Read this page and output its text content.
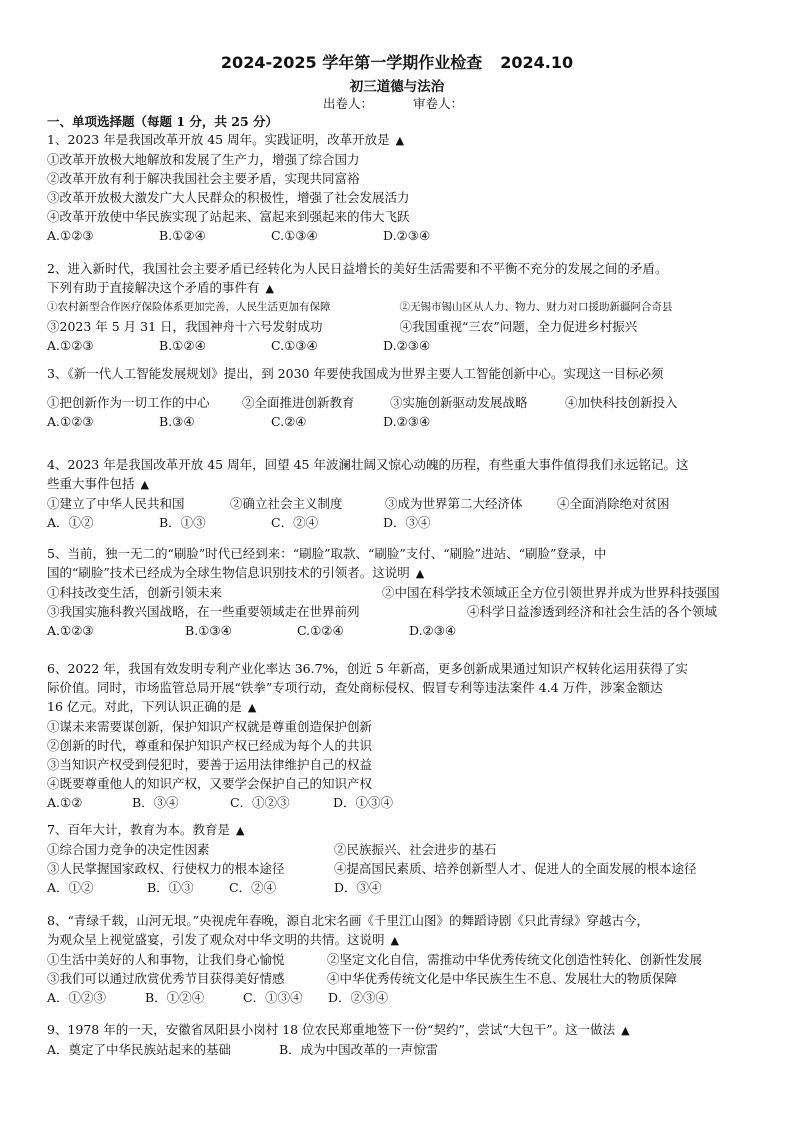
2024-2025 学年第一学期作业检查 2024.10
初三道德与法治
出卷人：	审卷人：
一、单项选择题（每题 1 分，共 25 分）
1、2023 年是我国改革开放 45 周年。实践证明，改革开放是 ▲
①改革开放极大地解放和发展了生产力，增强了综合国力
②改革开放有利于解决我国社会主要矛盾，实现共同富裕
③改革开放极大激发广大人民群众的积极性，增强了社会发展活力
④改革开放使中华民族实现了站起来、富起来到强起来的伟大飞跃
A.①②③	B.①②④	C.①③④	D.②③④
2、进入新时代，我国社会主要矛盾已经转化为人民日益增长的美好生活需要和不平衡不充分的发展之间的矛盾。
下列有助于直接解决这个矛盾的事件有 ▲
①农村新型合作医疗保险体系更加完善，人民生活更加有保障	②无锡市锡山区从人力、物力、财力对口援助新疆阿合奇县
③2023 年 5 月 31 日，我国神舟十六号发射成功	④我国重视“三农”问题，全力促进乡村振兴
A.①②③	B.①②④	C.①③④	D.②③④
3、《新一代人工智能发展规划》提出，到 2030 年要使我国成为世界主要人工智能创新中心。实现这一目标必须
①把创新作为一切工作的中心	②全面推进创新教育	③实施创新驱动发展战略	④加快科技创新投入
A.①②③	B.③④	C.②④	D.②③④
4、2023 年是我国改革开放 45 周年，回望 45 年波澜壮阔又惊心动魄的历程，有些重大事件值得我们永远铭记。这
些重大事件包括 ▲
①建立了中华人民共和国	②确立社会主义制度	③成为世界第二大经济体	④全面消除绝对贫困
A．①②	B．①③	C．②④	D．③④
5、当前，独一无二的“刷脸”时代已经到来：“刷脸”取款、“刷脸”支付、“刷脸”进站、“刷脸”登录，中
国的“刷脸”技术已经成为全球生物信息识别技术的引领者。这说明 ▲
①科技改变生活，创新引领未来	②中国在科学技术领域正全方位引领世界并成为世界科技强国
③我国实施科教兴国战略，在一些重要领域走在世界前列	④科学日益渗透到经济和社会生活的各个领域
A.①②③	B.①③④	C.①②④	D.②③④
6、2022 年，我国有效发明专利产业化率达 36.7%，创近 5 年新高，更多创新成果通过知识产权转化运用获得了实
际价值。同时，市场监管总局开展“铁拳”专项行动，查处商标侵权、假冒专利等违法案件 4.4 万件，涉案金额达
16 亿元。对此，下列认识正确的是 ▲
①谋未来需要谋创新，保护知识产权就是尊重创造保护创新
②创新的时代，尊重和保护知识产权已经成为每个人的共识
③当知识产权受到侵犯时，要善于运用法律维护自己的权益
④既要尊重他人的知识产权，又要学会保护自己的知识产权
A.①②	B．③④	C．①②③	D．①③④
7、百年大计，教育为本。教育是 ▲
①综合国力竞争的决定性因素	②民族振兴、社会进步的基石
③人民掌握国家政权、行使权力的根本途径	④提高国民素质、培养创新型人才、促进人的全面发展的根本途径
A．①②	B．①③	C．②④	D．③④
8、“青绿千载，山河无垠。”央视虎年春晚，源自北宋名画《千里江山图》的舞蹈诗剧《只此青绿》穿越古今，
为观众呈上视觉盛宴，引发了观众对中华文明的共情。这说明 ▲
①生活中美好的人和事物，让我们身心愉悦	②坚定文化自信，需推动中华优秀传统文化创造性转化、创新性发展
③我们可以通过欣赏优秀节目获得美好情感	④中华优秀传统文化是中华民族生生不息、发展壮大的物质保障
A．①②③	B．①②④	C．①③④	D．②③④
9、1978 年的一天，安徽省凤阳县小岗村 18 位农民郑重地签下一份“契约”，尝试“大包干”。这一做法 ▲
A．奠定了中华民族站起来的基础	B．成为中国改革的一声惊雷
